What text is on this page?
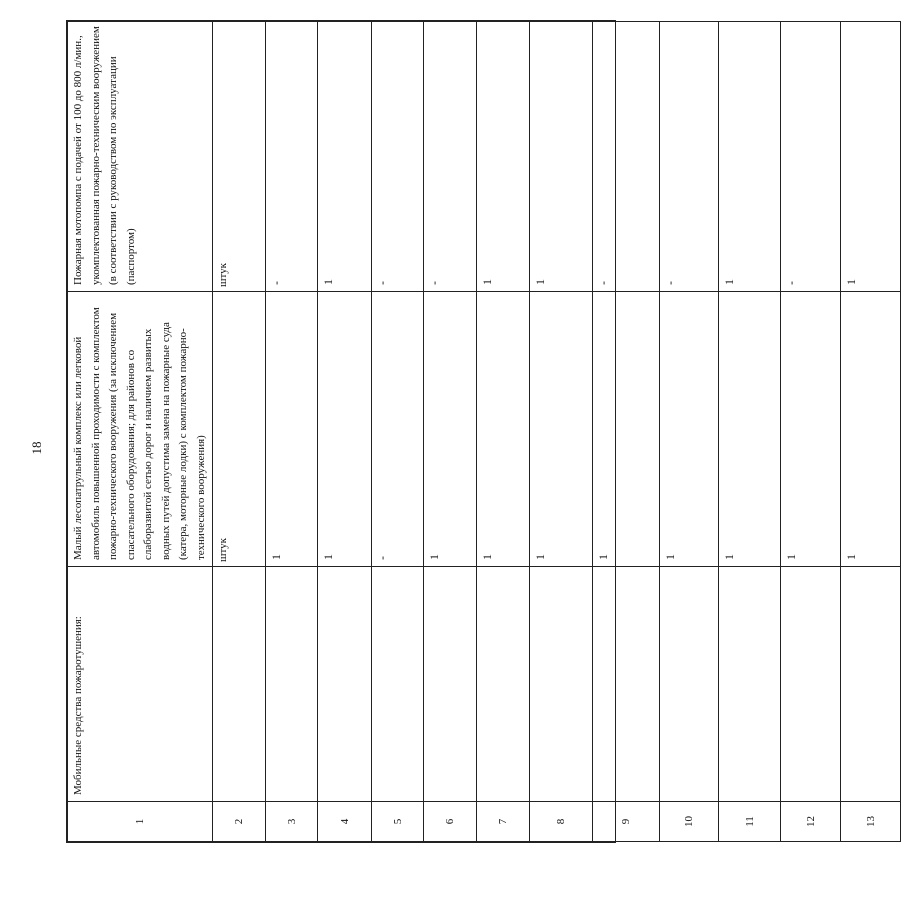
18
1	Мобильные средства пожаротушения:	Малый лесопатрульный комплекс или легковой автомобиль повышенной проходимости с комплектом пожарно-технического вооружения (за исключением спасательного оборудования; для районов со слаборазвитой сетью дорог и наличием развитых водных путей допустима замена на пожарные суда (катера, моторные лодки) с комплектом пожарно-технического вооружения)	Пожарная мотопомпа с подачей от 100 до 800 л/мин., укомплектованная пожарно-техническим вооружением (в соответствии с руководством по эксплуатации (паспортом)
2		штук	штук
3		1	-
4		1	1
5		-	-
6		1	-
7		1	1
8		1	1
9		1	-
10		1	-
11		1	1
12		1	-
13		1	1
